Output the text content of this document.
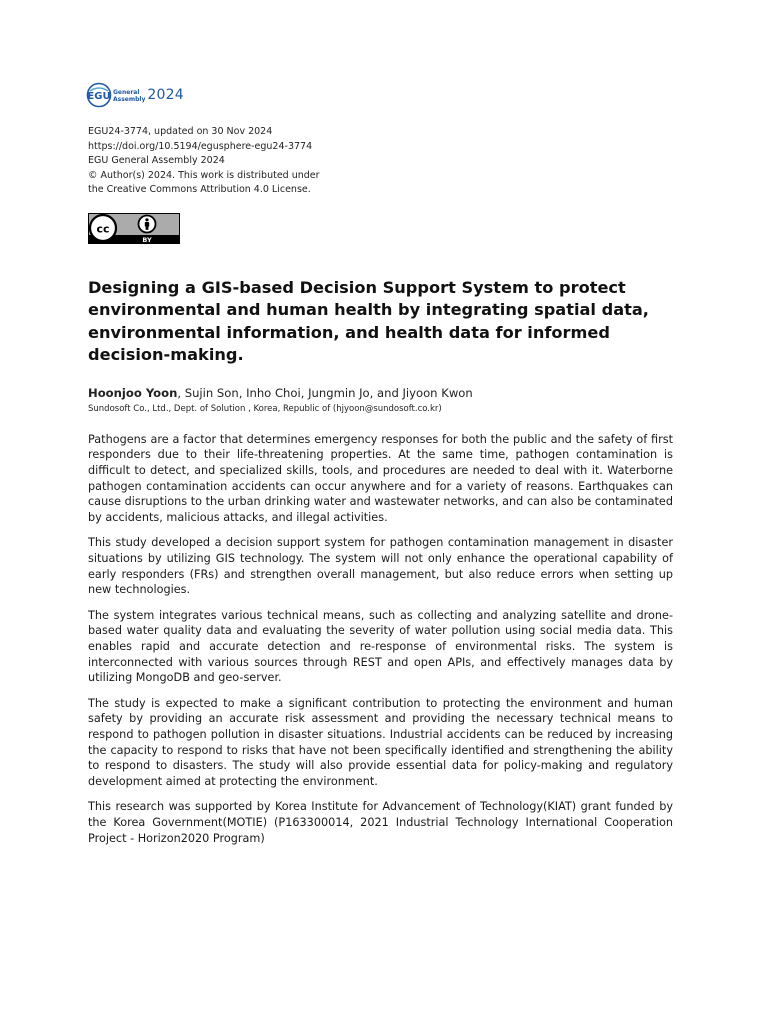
EGU General
Assembly 2024
EGU24-3774, updated on 30 Nov 2024
https://doi.org/10.5194/egusphere-egu24-3774
EGU General Assembly 2024
© Author(s) 2024. This work is distributed under
the Creative Commons Attribution 4.0 License.
cc
BY
Designing a GIS-based Decision Support System to protect environmental and human health by integrating spatial data, environmental information, and health data for informed decision-making.
Hoonjoo Yoon, Sujin Son, Inho Choi, Jungmin Jo, and Jiyoon Kwon
Sundosoft Co., Ltd., Dept. of Solution , Korea, Republic of (hjyoon@sundosoft.co.kr)

Pathogens are a factor that determines emergency responses for both the public and the safety of first responders due to their life-threatening properties. At the same time, pathogen contamination is difficult to detect, and specialized skills, tools, and procedures are needed to deal with it. Waterborne pathogen contamination accidents can occur anywhere and for a variety of reasons. Earthquakes can cause disruptions to the urban drinking water and wastewater networks, and can also be contaminated by accidents, malicious attacks, and illegal activities.

This study developed a decision support system for pathogen contamination management in disaster situations by utilizing GIS technology. The system will not only enhance the operational capability of early responders (FRs) and strengthen overall management, but also reduce errors when setting up new technologies.

The system integrates various technical means, such as collecting and analyzing satellite and drone-based water quality data and evaluating the severity of water pollution using social media data. This enables rapid and accurate detection and re-response of environmental risks. The system is interconnected with various sources through REST and open APIs, and effectively manages data by utilizing MongoDB and geo-server.

The study is expected to make a significant contribution to protecting the environment and human safety by providing an accurate risk assessment and providing the necessary technical means to respond to pathogen pollution in disaster situations. Industrial accidents can be reduced by increasing the capacity to respond to risks that have not been specifically identified and strengthening the ability to respond to disasters. The study will also provide essential data for policy-making and regulatory development aimed at protecting the environment.

This research was supported by Korea Institute for Advancement of Technology(KIAT) grant funded by the Korea Government(MOTIE) (P163300014, 2021 Industrial Technology International Cooperation Project - Horizon2020 Program)
